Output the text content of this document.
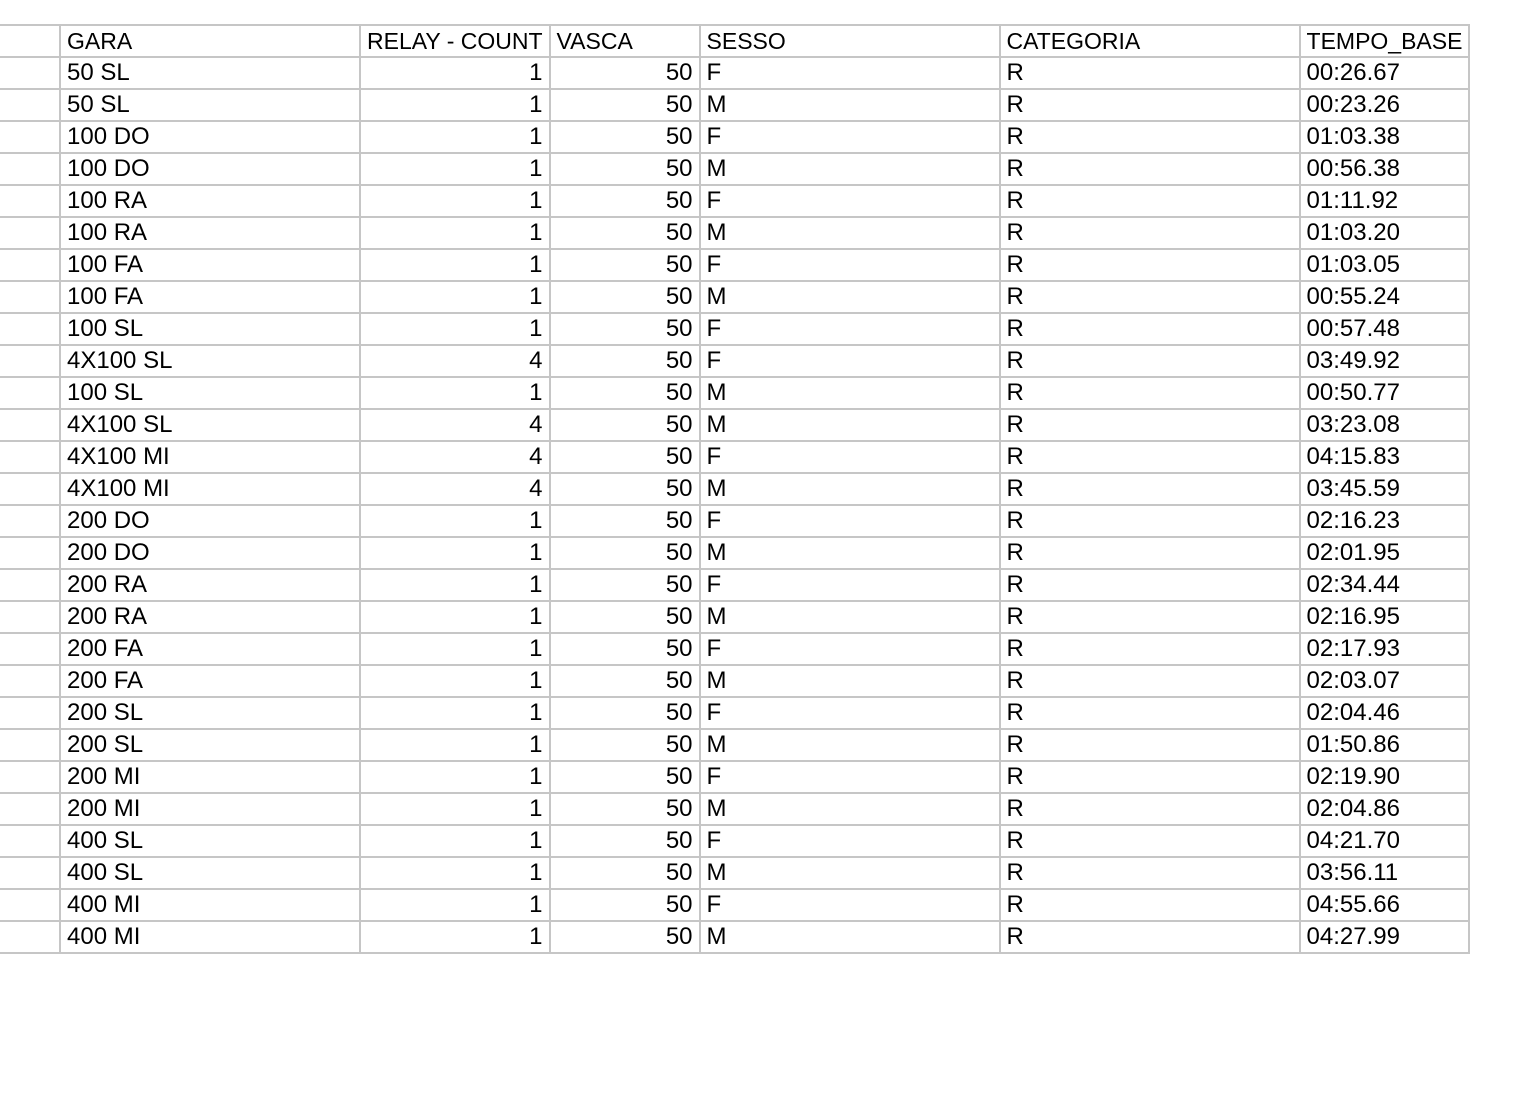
	GARA	RELAY - COUNT	VASCA	SESSO	CATEGORIA	TEMPO_BASE
	50 SL	1	50	F	R	00:26.67
	50 SL	1	50	M	R	00:23.26
	100 DO	1	50	F	R	01:03.38
	100 DO	1	50	M	R	00:56.38
	100 RA	1	50	F	R	01:11.92
	100 RA	1	50	M	R	01:03.20
	100 FA	1	50	F	R	01:03.05
	100 FA	1	50	M	R	00:55.24
	100 SL	1	50	F	R	00:57.48
	4X100 SL	4	50	F	R	03:49.92
	100 SL	1	50	M	R	00:50.77
	4X100 SL	4	50	M	R	03:23.08
	4X100 MI	4	50	F	R	04:15.83
	4X100 MI	4	50	M	R	03:45.59
	200 DO	1	50	F	R	02:16.23
	200 DO	1	50	M	R	02:01.95
	200 RA	1	50	F	R	02:34.44
	200 RA	1	50	M	R	02:16.95
	200 FA	1	50	F	R	02:17.93
	200 FA	1	50	M	R	02:03.07
	200 SL	1	50	F	R	02:04.46
	200 SL	1	50	M	R	01:50.86
	200 MI	1	50	F	R	02:19.90
	200 MI	1	50	M	R	02:04.86
	400 SL	1	50	F	R	04:21.70
	400 SL	1	50	M	R	03:56.11
	400 MI	1	50	F	R	04:55.66
	400 MI	1	50	M	R	04:27.99
